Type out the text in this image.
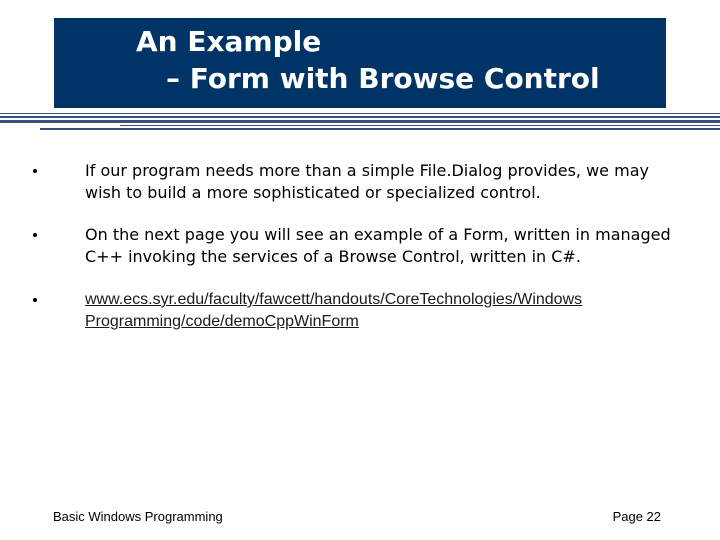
An Example
– Form with Browse Control
If our program needs more than a simple File.Dialog provides, we may wish to build a more sophisticated or specialized control.
On the next page you will see an example of a Form, written in managed C++ invoking the services of a Browse Control, written in C#.
www.ecs.syr.edu/faculty/fawcett/handouts/CoreTechnologies/Windows
Programming/code/demoCppWinForm
Basic Windows Programming	Page 22
